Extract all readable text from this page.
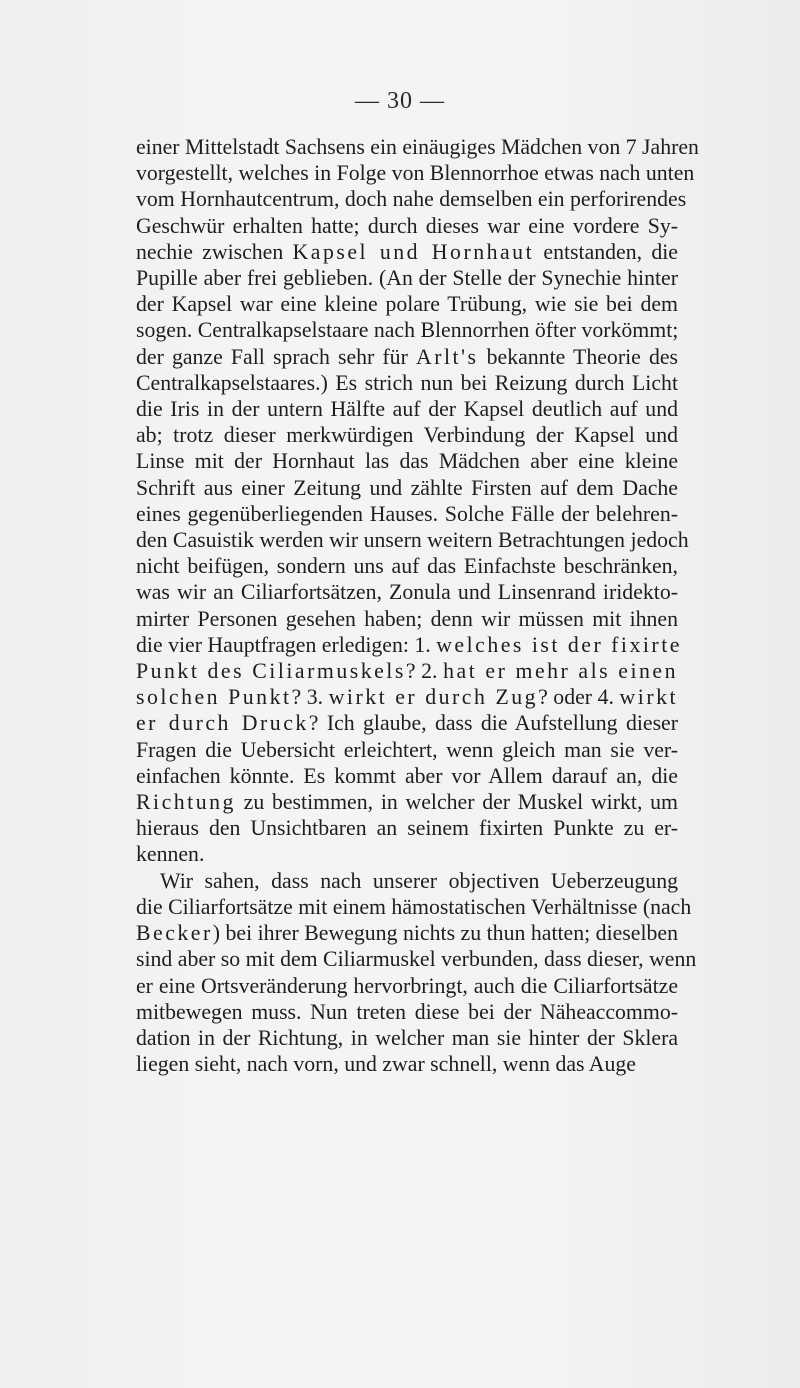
— 30 —
einer Mittelstadt Sachsens ein einäugiges Mädchen von 7 Jahren
vorgestellt, welches in Folge von Blennorrhoe etwas nach unten
vom Hornhautcentrum, doch nahe demselben ein perforirendes
Geschwür erhalten hatte; durch dieses war eine vordere Sy-
nechie zwischen Kapsel und Hornhaut entstanden, die
Pupille aber frei geblieben. (An der Stelle der Synechie hinter
der Kapsel war eine kleine polare Trübung, wie sie bei dem
sogen. Centralkapselstaare nach Blennorrhen öfter vorkömmt;
der ganze Fall sprach sehr für Arlt's bekannte Theorie des
Centralkapselstaares.) Es strich nun bei Reizung durch Licht
die Iris in der untern Hälfte auf der Kapsel deutlich auf und
ab; trotz dieser merkwürdigen Verbindung der Kapsel und
Linse mit der Hornhaut las das Mädchen aber eine kleine
Schrift aus einer Zeitung und zählte Firsten auf dem Dache
eines gegenüberliegenden Hauses. Solche Fälle der belehren-
den Casuistik werden wir unsern weitern Betrachtungen jedoch
nicht beifügen, sondern uns auf das Einfachste beschränken,
was wir an Ciliarfortsätzen, Zonula und Linsenrand iridekto-
mirter Personen gesehen haben; denn wir müssen mit ihnen
die vier Hauptfragen erledigen: 1. welches ist der fixirte
Punkt des Ciliarmuskels? 2. hat er mehr als einen
solchen Punkt? 3. wirkt er durch Zug? oder 4. wirkt
er durch Druck? Ich glaube, dass die Aufstellung dieser
Fragen die Uebersicht erleichtert, wenn gleich man sie ver-
einfachen könnte. Es kommt aber vor Allem darauf an, die
Richtung zu bestimmen, in welcher der Muskel wirkt, um
hieraus den Unsichtbaren an seinem fixirten Punkte zu er-
kennen.
Wir sahen, dass nach unserer objectiven Ueberzeugung
die Ciliarfortsätze mit einem hämostatischen Verhältnisse (nach
Becker) bei ihrer Bewegung nichts zu thun hatten; dieselben
sind aber so mit dem Ciliarmuskel verbunden, dass dieser, wenn
er eine Ortsveränderung hervorbringt, auch die Ciliarfortsätze
mitbewegen muss. Nun treten diese bei der Näheaccommo-
dation in der Richtung, in welcher man sie hinter der Sklera
liegen sieht, nach vorn, und zwar schnell, wenn das Auge
